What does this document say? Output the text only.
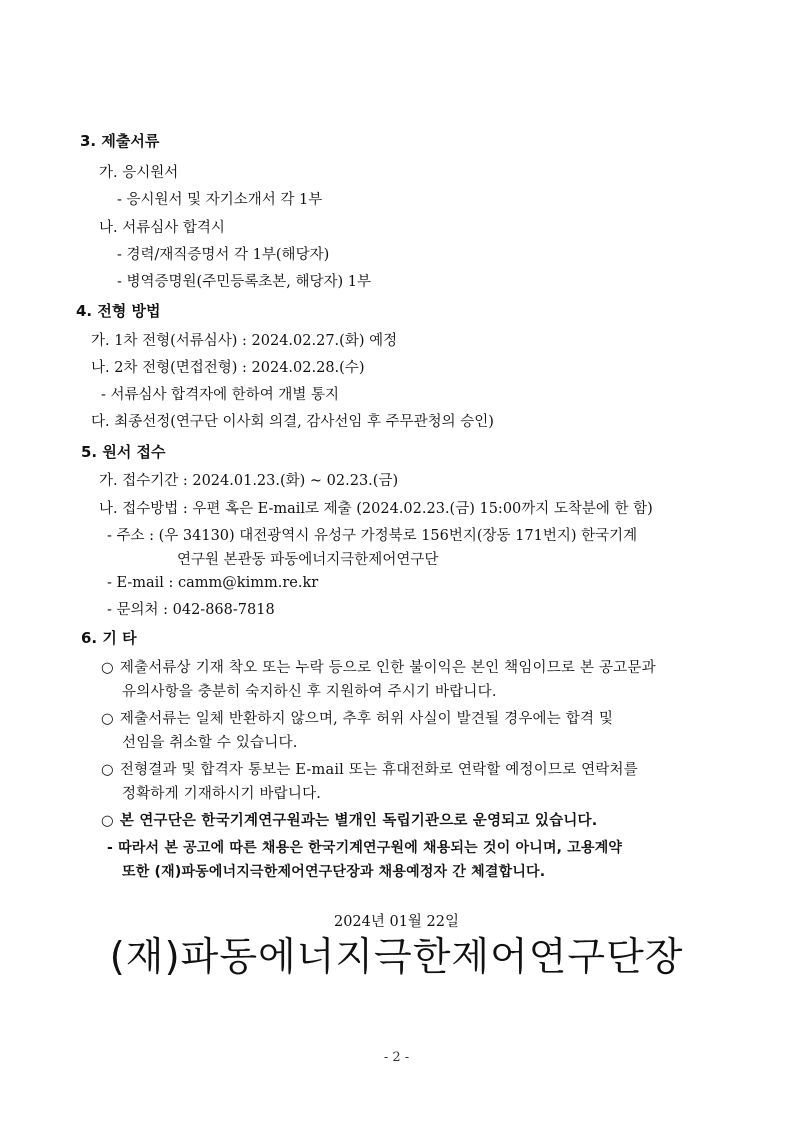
3. 제출서류
가. 응시원서
- 응시원서 및 자기소개서 각 1부
나. 서류심사 합격시
- 경력/재직증명서 각 1부(해당자)
- 병역증명원(주민등록초본, 해당자) 1부
4. 전형 방법
가. 1차 전형(서류심사) : 2024.02.27.(화) 예정
나. 2차 전형(면접전형) : 2024.02.28.(수)
- 서류심사 합격자에 한하여 개별 통지
다. 최종선정(연구단 이사회 의결, 감사선임 후 주무관청의 승인)
5. 원서 접수
가. 접수기간 : 2024.01.23.(화) ~ 02.23.(금)
나. 접수방법 : 우편 혹은 E-mail로 제출 (2024.02.23.(금) 15:00까지 도착분에 한 함)
- 주소 : (우 34130) 대전광역시 유성구 가정북로 156번지(장동 171번지) 한국기계
연구원 본관동 파동에너지극한제어연구단
- E-mail : camm@kimm.re.kr
- 문의처 : 042-868-7818
6. 기 타
○ 제출서류상 기재 착오 또는 누락 등으로 인한 불이익은 본인 책임이므로 본 공고문과
유의사항을 충분히 숙지하신 후 지원하여 주시기 바랍니다.
○ 제출서류는 일체 반환하지 않으며, 추후 허위 사실이 발견될 경우에는 합격 및
선임을 취소할 수 있습니다.
○ 전형결과 및 합격자 통보는 E-mail 또는 휴대전화로 연락할 예정이므로 연락처를
정확하게 기재하시기 바랍니다.
○ 본 연구단은 한국기계연구원과는 별개인 독립기관으로 운영되고 있습니다.
- 따라서 본 공고에 따른 채용은 한국기계연구원에 채용되는 것이 아니며, 고용계약
또한 (재)파동에너지극한제어연구단장과 채용예정자 간 체결합니다.
2024년 01월 22일
(재)파동에너지극한제어연구단장
- 2 -
